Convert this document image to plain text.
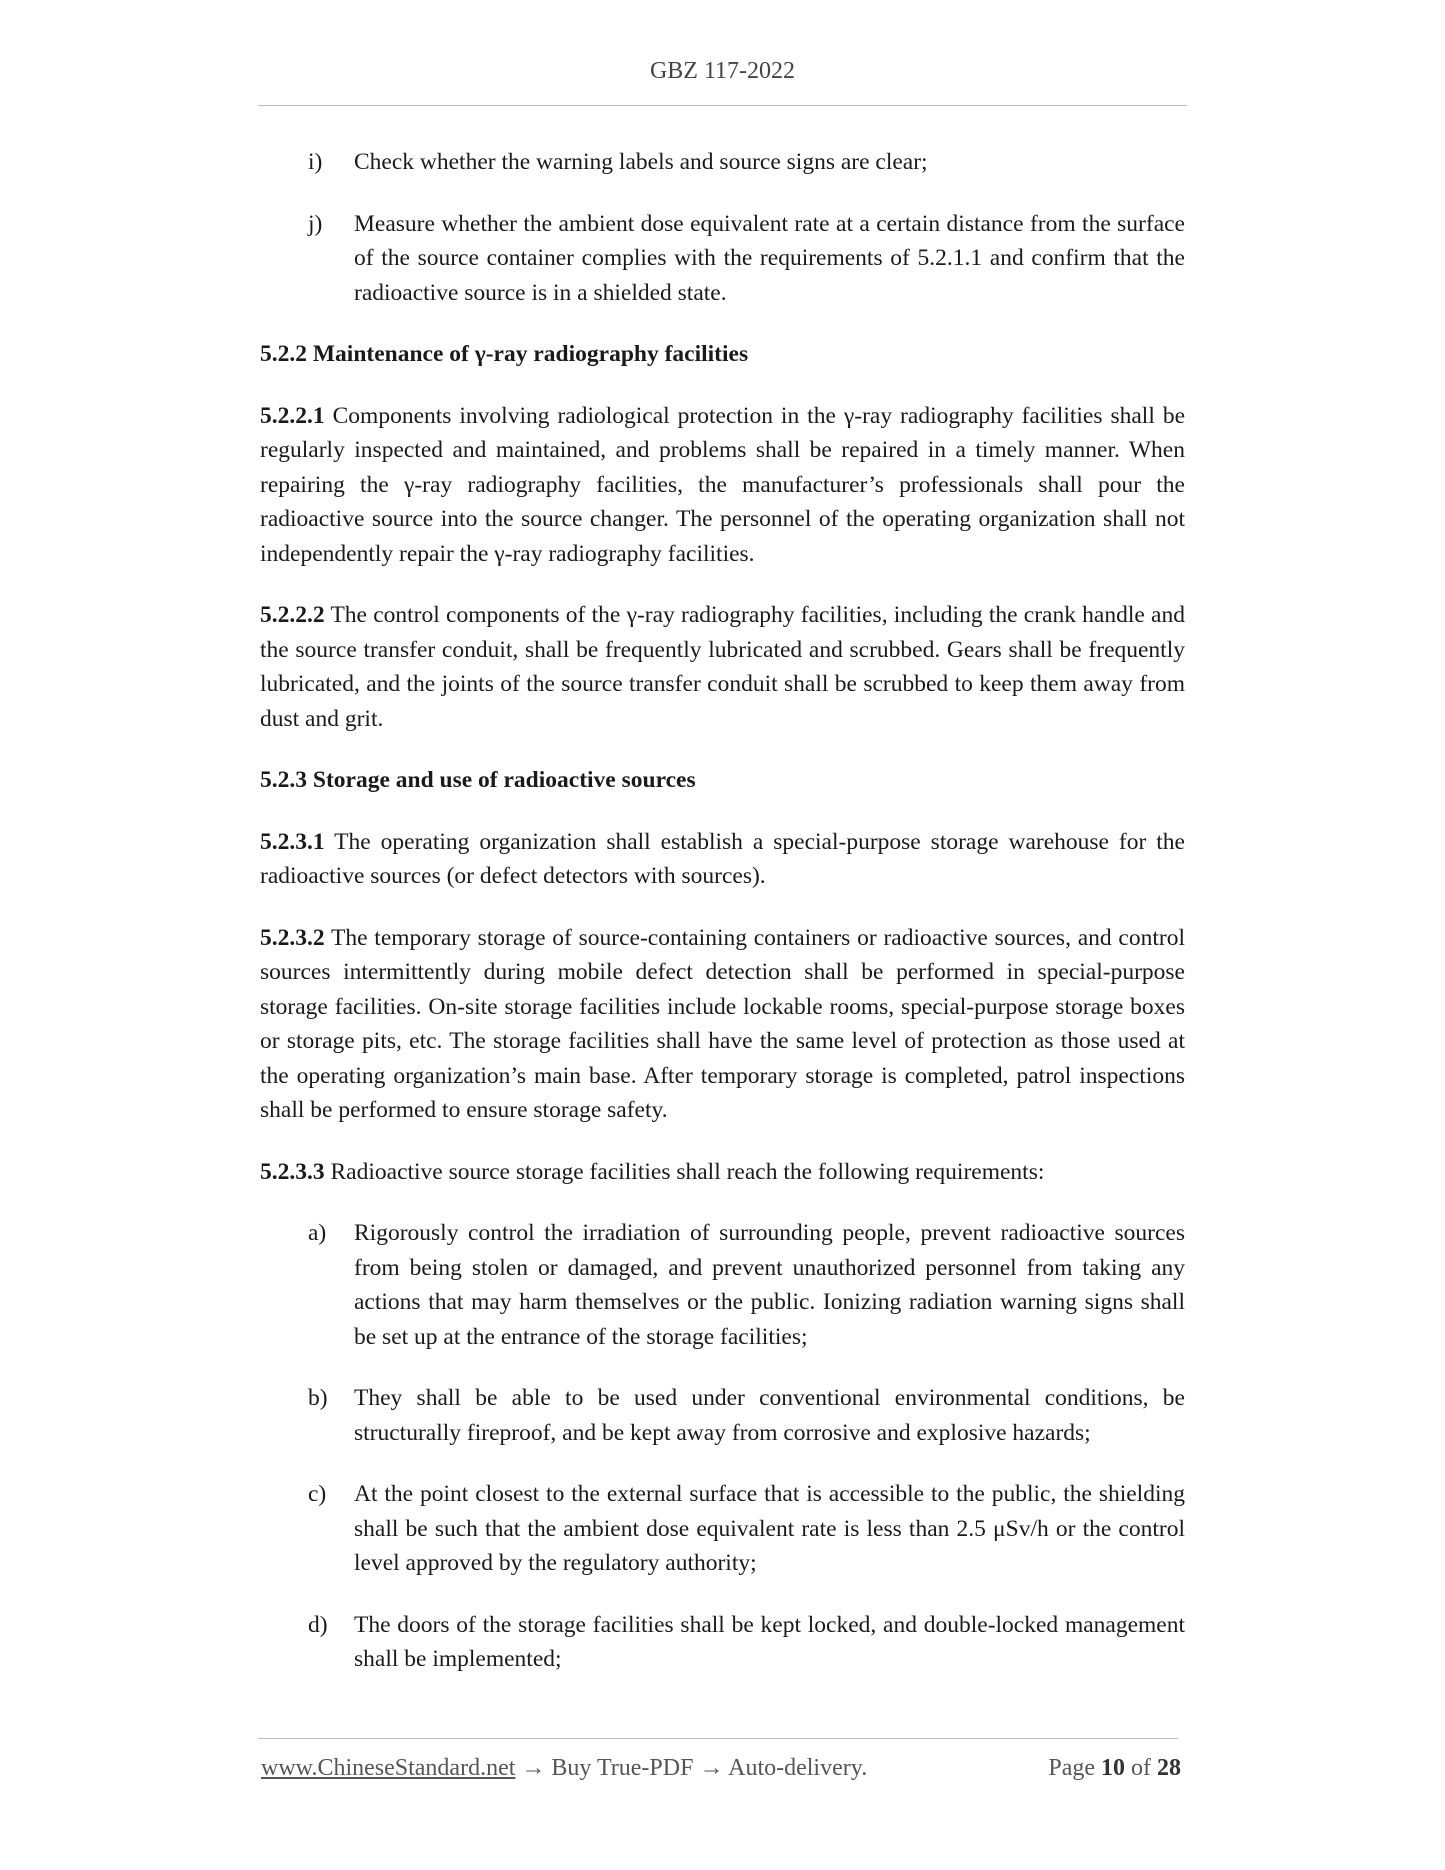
GBZ 117-2022
i) Check whether the warning labels and source signs are clear;
j) Measure whether the ambient dose equivalent rate at a certain distance from the surface of the source container complies with the requirements of 5.2.1.1 and confirm that the radioactive source is in a shielded state.
5.2.2 Maintenance of γ-ray radiography facilities

5.2.2.1 Components involving radiological protection in the γ-ray radiography facilities shall be regularly inspected and maintained, and problems shall be repaired in a timely manner. When repairing the γ-ray radiography facilities, the manufacturer’s professionals shall pour the radioactive source into the source changer. The personnel of the operating organization shall not independently repair the γ-ray radiography facilities.

5.2.2.2 The control components of the γ-ray radiography facilities, including the crank handle and the source transfer conduit, shall be frequently lubricated and scrubbed. Gears shall be frequently lubricated, and the joints of the source transfer conduit shall be scrubbed to keep them away from dust and grit.

5.2.3 Storage and use of radioactive sources

5.2.3.1 The operating organization shall establish a special-purpose storage warehouse for the radioactive sources (or defect detectors with sources).

5.2.3.2 The temporary storage of source-containing containers or radioactive sources, and control sources intermittently during mobile defect detection shall be performed in special-purpose storage facilities. On-site storage facilities include lockable rooms, special-purpose storage boxes or storage pits, etc. The storage facilities shall have the same level of protection as those used at the operating organization’s main base. After temporary storage is completed, patrol inspections shall be performed to ensure storage safety.

5.2.3.3 Radioactive source storage facilities shall reach the following requirements:

a) Rigorously control the irradiation of surrounding people, prevent radioactive sources from being stolen or damaged, and prevent unauthorized personnel from taking any actions that may harm themselves or the public. Ionizing radiation warning signs shall be set up at the entrance of the storage facilities;
b) They shall be able to be used under conventional environmental conditions, be structurally fireproof, and be kept away from corrosive and explosive hazards;
c) At the point closest to the external surface that is accessible to the public, the shielding shall be such that the ambient dose equivalent rate is less than 2.5 μSv/h or the control level approved by the regulatory authority;
d) The doors of the storage facilities shall be kept locked, and double-locked management shall be implemented;
www.ChineseStandard.net → Buy True-PDF → Auto-delivery.	Page 10 of 28
